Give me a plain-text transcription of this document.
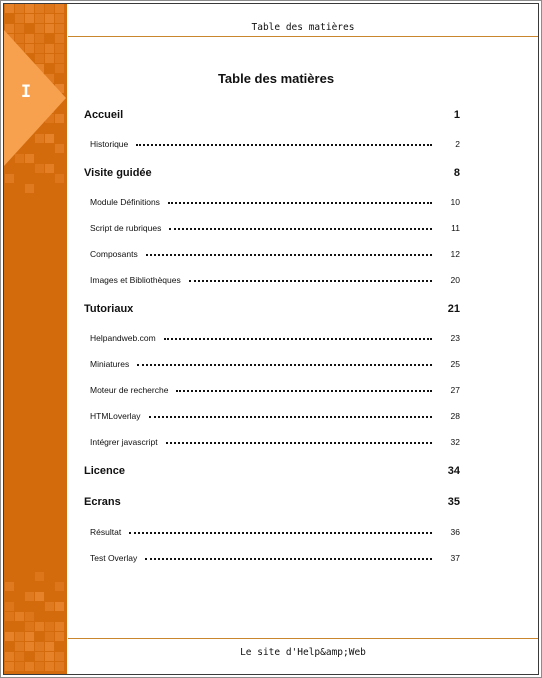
I
Table des matières
Table des matières
Accueil	1
Historique	2
Visite guidée	8
Module Définitions	10
Script de rubriques	11
Composants	12
Images et Bibliothèques	20
Tutoriaux	21
Helpandweb.com	23
Miniatures	25
Moteur de recherche	27
HTMLoverlay	28
Intégrer javascript	32
Licence	34
Ecrans	35
Résultat	36
Test Overlay	37
Le site d'Help&amp;Web
